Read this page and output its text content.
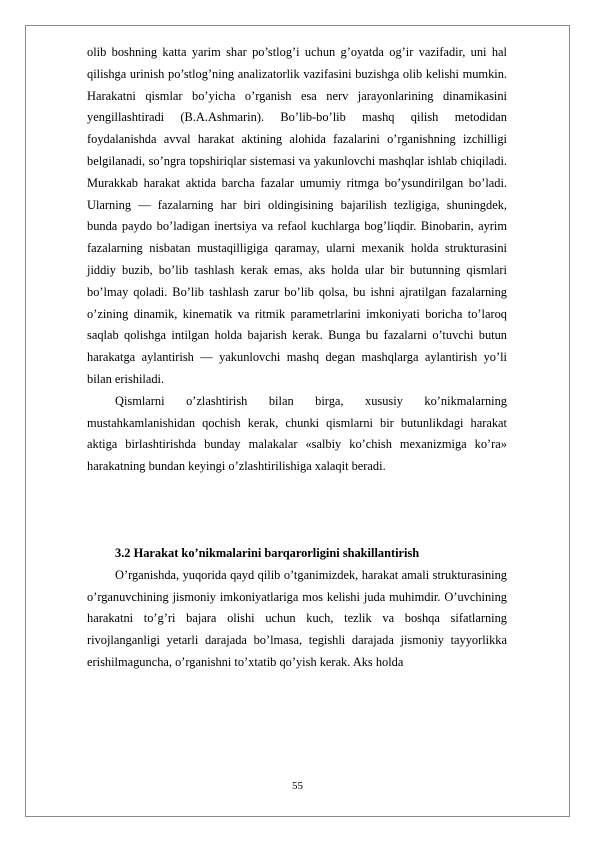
olib boshning katta yarim shar po’stlog’i uchun g’oyatda og’ir vazifadir, uni hal qilishga urinish po’stlog’ning analizatorlik vazifasini buzishga olib kelishi mumkin. Harakatni qismlar bo’yicha o’rganish esa nerv jarayonlarining dinamikasini yengillashtiradi (B.A.Ashmarin). Bo’lib-bo’lib mashq qilish metodidan foydalanishda avval harakat aktining alohida fazalarini o’rganishning izchilligi belgilanadi, so’ngra topshiriqlar sistemasi va yakunlovchi mashqlar ishlab chiqiladi. Murakkab harakat aktida barcha fazalar umumiy ritmga bo’ysundirilgan bo’ladi. Ularning — fazalarning har biri oldingisining bajarilish tezligiga, shuningdek, bunda paydo bo’ladigan inertsiya va refaol kuchlarga bog’liqdir. Binobarin, ayrim fazalarning nisbatan mustaqilligiga qaramay, ularni mexanik holda strukturasini jiddiy buzib, bo’lib tashlash kerak emas, aks holda ular bir butunning qismlari bo’lmay qoladi. Bo’lib tashlash zarur bo’lib qolsa, bu ishni ajratilgan fazalarning o’zining dinamik, kinematik va ritmik parametrlarini imkoniyati boricha to’laroq saqlab qolishga intilgan holda bajarish kerak. Bunga bu fazalarni o’tuvchi butun harakatga aylantirish — yakunlovchi mashq degan mashqlarga aylantirish yo’li bilan erishiladi.

Qismlarni o’zlashtirish bilan birga, xususiy ko’nikmalarning mustahkamlanishidan qochish kerak, chunki qismlarni bir butunlikdagi harakat aktiga birlashtirishda bunday malakalar «salbiy ko’chish mexanizmiga ko’ra» harakatning bundan keyingi o’zlashtirilishiga xalaqit beradi.

3.2 Harakat ko’nikmalarini barqarorligini shakillantirish

O’rganishda, yuqorida qayd qilib o’tganimizdek, harakat amali strukturasining o’rganuvchining jismoniy imkoniyatlariga mos kelishi juda muhimdir. O’uvchining harakatni to’g’ri bajara olishi uchun kuch, tezlik va boshqa sifatlarning rivojlanganligi yetarli darajada bo’lmasa, tegishli darajada jismoniy tayyorlikka erishilmaguncha, o’rganishni to’xtatib qo’yish kerak. Aks holda

55
